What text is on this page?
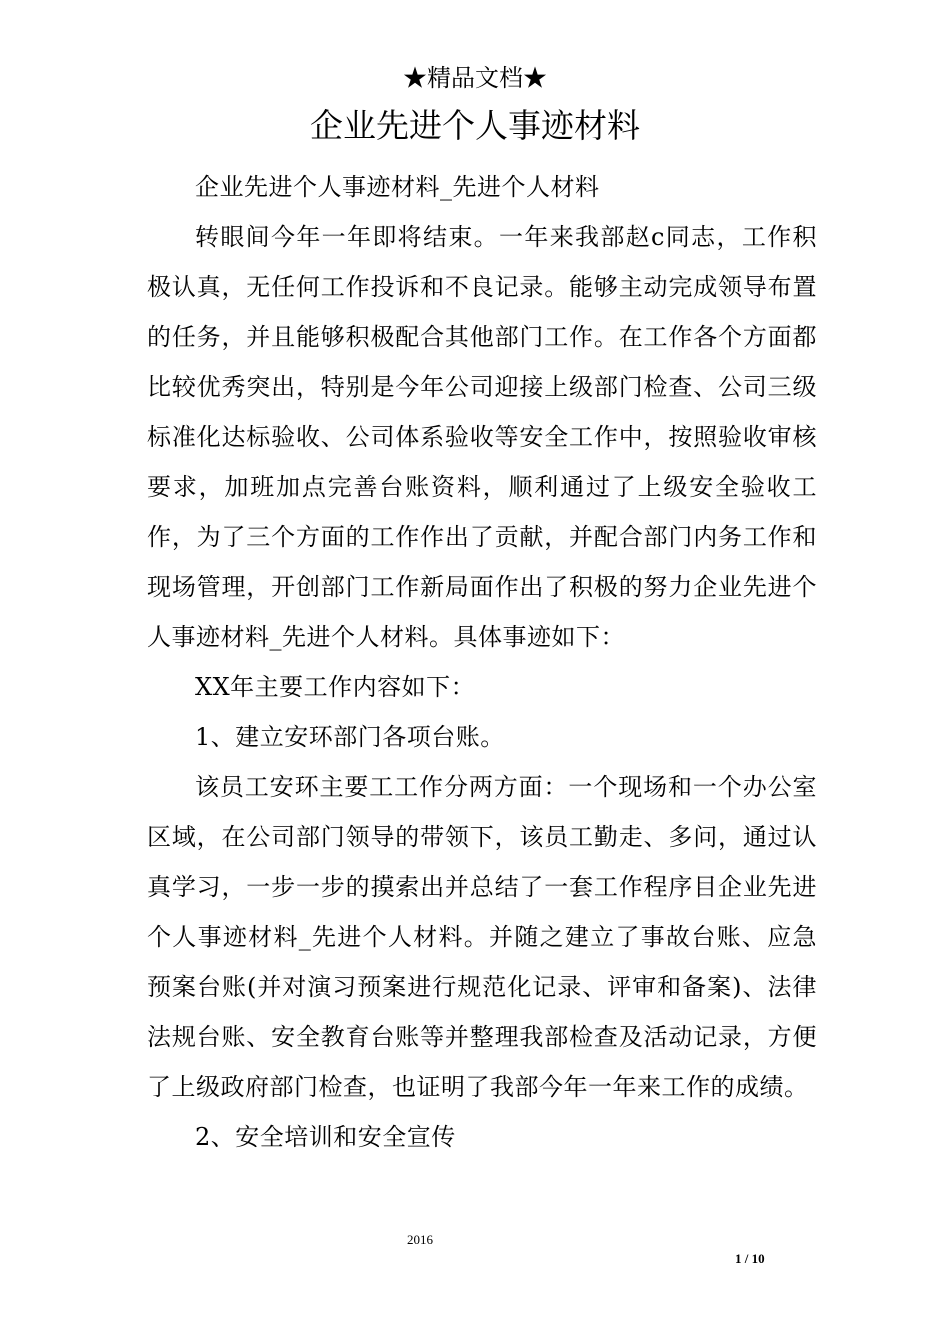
★精品文档★
企业先进个人事迹材料

企业先进个人事迹材料_先进个人材料

转眼间今年一年即将结束。一年来我部赵c同志，工作积极认真，无任何工作投诉和不良记录。能够主动完成领导布置的任务，并且能够积极配合其他部门工作。在工作各个方面都比较优秀突出，特别是今年公司迎接上级部门检查、公司三级标准化达标验收、公司体系验收等安全工作中，按照验收审核要求，加班加点完善台账资料，顺利通过了上级安全验收工作，为了三个方面的工作作出了贡献，并配合部门内务工作和现场管理，开创部门工作新局面作出了积极的努力企业先进个人事迹材料_先进个人材料。具体事迹如下：

XX年主要工作内容如下：

1、建立安环部门各项台账。

该员工安环主要工工作分两方面：一个现场和一个办公室区域，在公司部门领导的带领下，该员工勤走、多问，通过认真学习，一步一步的摸索出并总结了一套工作程序目企业先进个人事迹材料_先进个人材料。并随之建立了事故台账、应急预案台账(并对演习预案进行规范化记录、评审和备案)、法律法规台账、安全教育台账等并整理我部检查及活动记录，方便了上级政府部门检查，也证明了我部今年一年来工作的成绩。

2、安全培训和安全宣传

2016
1 / 10
